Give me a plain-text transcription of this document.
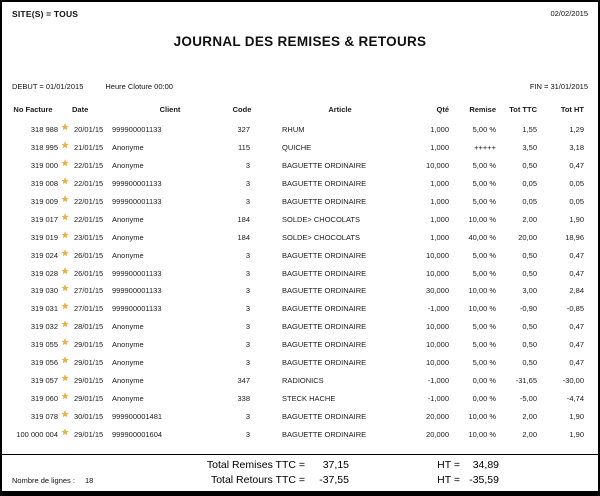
SITE(S) = TOUS	02/02/2015
JOURNAL DES REMISES & RETOURS
DEBUT = 01/01/2015	Heure Cloture 00:00	FIN = 31/01/2015
No Facture		Date	Client	Code	Article	Qté	Remise	Tot TTC	Tot HT
318 988	★	20/01/15	999900001133	327	RHUM	1,000	5,00 %	1,55	1,29
318 995	★	21/01/15	Anonyme	115	QUICHE	1,000	+++++	3,50	3,18
319 000	★	22/01/15	Anonyme	3	BAGUETTE ORDINAIRE	10,000	5,00 %	0,50	0,47
319 008	★	22/01/15	999900001133	3	BAGUETTE ORDINAIRE	1,000	5,00 %	0,05	0,05
319 009	★	22/01/15	999900001133	3	BAGUETTE ORDINAIRE	1,000	5,00 %	0,05	0,05
319 017	★	22/01/15	Anonyme	184	SOLDE> CHOCOLATS	1,000	10,00 %	2,00	1,90
319 019	★	23/01/15	Anonyme	184	SOLDE> CHOCOLATS	1,000	40,00 %	20,00	18,96
319 024	★	26/01/15	Anonyme	3	BAGUETTE ORDINAIRE	10,000	5,00 %	0,50	0,47
319 028	★	26/01/15	999900001133	3	BAGUETTE ORDINAIRE	10,000	5,00 %	0,50	0,47
319 030	★	27/01/15	999900001133	3	BAGUETTE ORDINAIRE	30,000	10,00 %	3,00	2,84
319 031	★	27/01/15	999900001133	3	BAGUETTE ORDINAIRE	-1,000	10,00 %	-0,90	-0,85
319 032	★	28/01/15	Anonyme	3	BAGUETTE ORDINAIRE	10,000	5,00 %	0,50	0,47
319 055	★	29/01/15	Anonyme	3	BAGUETTE ORDINAIRE	10,000	5,00 %	0,50	0,47
319 056	★	29/01/15	Anonyme	3	BAGUETTE ORDINAIRE	10,000	5,00 %	0,50	0,47
319 057	★	29/01/15	Anonyme	347	RADIONICS	-1,000	0,00 %	-31,65	-30,00
319 060	★	29/01/15	Anonyme	338	STECK HACHE	-1,000	0,00 %	-5,00	-4,74
319 078	★	30/01/15	999900001481	3	BAGUETTE ORDINAIRE	20,000	10,00 %	2,00	1,90
100 000 004	★	29/01/15	999900001604	3	BAGUETTE ORDINAIRE	20,000	10,00 %	2,00	1,90
Total Remises TTC =	37,15	HT =	34,89
Total Retours TTC =	-37,55	HT = -35,59
Nombre de lignes : 18
